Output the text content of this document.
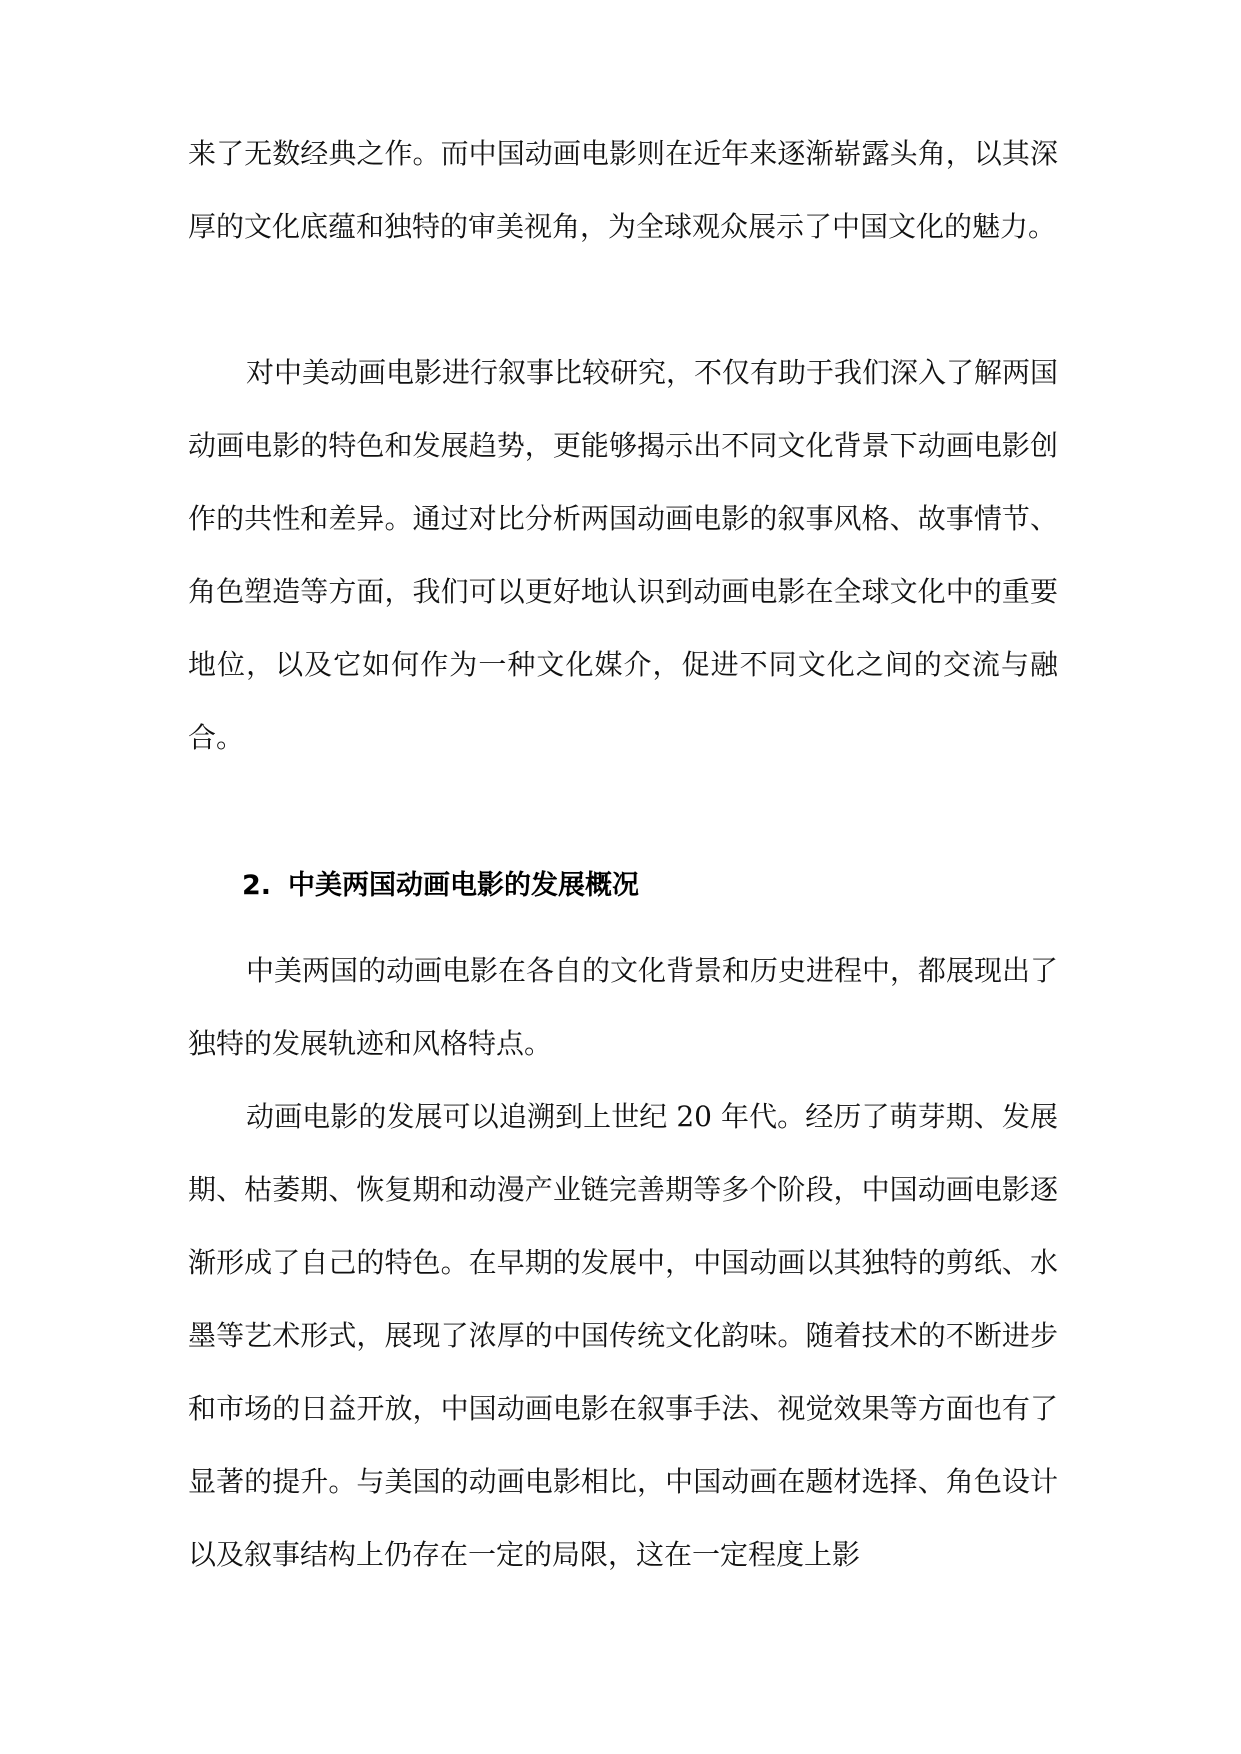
来了无数经典之作。而中国动画电影则在近年来逐渐崭露头角，以其深厚的文化底蕴和独特的审美视角，为全球观众展示了中国文化的魅力。

对中美动画电影进行叙事比较研究，不仅有助于我们深入了解两国动画电影的特色和发展趋势，更能够揭示出不同文化背景下动画电影创作的共性和差异。通过对比分析两国动画电影的叙事风格、故事情节、角色塑造等方面，我们可以更好地认识到动画电影在全球文化中的重要地位，以及它如何作为一种文化媒介，促进不同文化之间的交流与融合。

2. 中美两国动画电影的发展概况

中美两国的动画电影在各自的文化背景和历史进程中，都展现出了独特的发展轨迹和风格特点。

动画电影的发展可以追溯到上世纪 20 年代。经历了萌芽期、发展期、枯萎期、恢复期和动漫产业链完善期等多个阶段，中国动画电影逐渐形成了自己的特色。在早期的发展中，中国动画以其独特的剪纸、水墨等艺术形式，展现了浓厚的中国传统文化韵味。随着技术的不断进步和市场的日益开放，中国动画电影在叙事手法、视觉效果等方面也有了显著的提升。与美国的动画电影相比，中国动画在题材选择、角色设计以及叙事结构上仍存在一定的局限，这在一定程度上影
